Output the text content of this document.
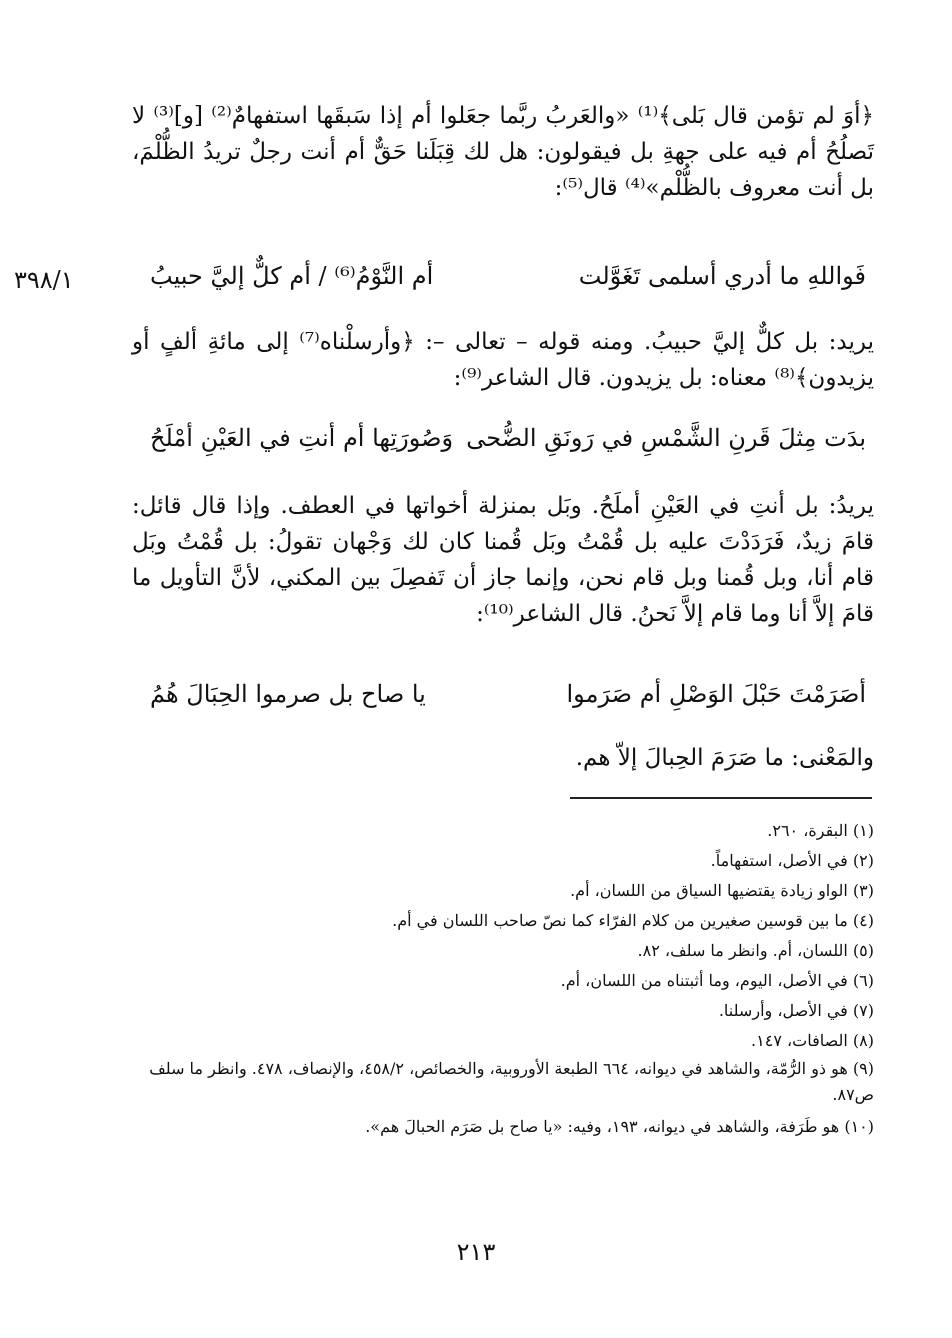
٣٩٨/١

﴿أوَ لم تؤمن قال بَلى﴾⁽¹⁾ «والعَربُ ربَّما جعَلوا أم إذا سَبقَها استفهامٌ⁽²⁾ [و]⁽³⁾ لا تَصلُحُ أم فيه على جهةِ بل فيقولون: هل لك قِبَلَنا حَقٌّ أم أنت رجلٌ تريدُ الظُّلْمَ، بل أنت معروف بالظُّلْم»⁽⁴⁾ قال⁽⁵⁾:

فَواللهِ ما أدري أسلمى تَغَوَّلت
أم النَّوْمُ⁽⁶⁾ / أم كلٌّ إليَّ حبيبُ

يريد: بل كلٌّ إليَّ حبيبُ. ومنه قوله – تعالى –: ﴿وأرسلْناه⁽⁷⁾ إلى مائةِ ألفٍ أو يزيدون﴾⁽⁸⁾ معناه: بل يزيدون. قال الشاعر⁽⁹⁾:

بدَت مِثلَ قَرنِ الشَّمْسِ في رَونَقِ الضُّحى
وَصُورَتِها أم أنتِ في العَيْنِ أمْلَحُ

يريدُ: بل أنتِ في العَيْنِ أملَحُ. وبَل بمنزلة أخواتها في العطف. وإذا قال قائل: قامَ زيدٌ، فَرَدَدْتَ عليه بل قُمْتُ وبَل قُمنا كان لك وَجْهان تقولُ: بل قُمْتُ وبَل قام أنا، وبل قُمنا وبل قام نحن، وإنما جاز أن تَفصِلَ بين المكني، لأنَّ التأويل ما قامَ إلاَّ أنا وما قام إلاَّ نَحنُ. قال الشاعر⁽¹⁰⁾:

أصَرَمْتَ حَبْلَ الوَصْلِ أم صَرَموا
يا صاح بل صرموا الحِبَالَ هُمُ

والمَعْنى: ما صَرَمَ الحِبالَ إلاّ هم.

(١) البقرة، ٢٦٠.

(٢) في الأصل، استفهاماً.

(٣) الواو زيادة يقتضيها السياق من اللسان، أم.

(٤) ما بين قوسين صغيرين من كلام الفرّاء كما نصّ صاحب اللسان في أم.

(٥) اللسان، أم. وانظر ما سلف، ٨٢.

(٦) في الأصل، اليوم، وما أثبتناه من اللسان، أم.

(٧) في الأصل، وأرسلنا.

(٨) الصافات، ١٤٧.

(٩) هو ذو الرُّمّة، والشاهد في ديوانه، ٦٦٤ الطبعة الأوروبية، والخصائص، ٤٥٨/٢، والإنصاف، ٤٧٨. وانظر ما سلف ص٨٧.

(١٠) هو طَرَفة، والشاهد في ديوانه، ١٩٣، وفيه: «يا صاح بل صَرَم الحبالَ هم».

٢١٣
